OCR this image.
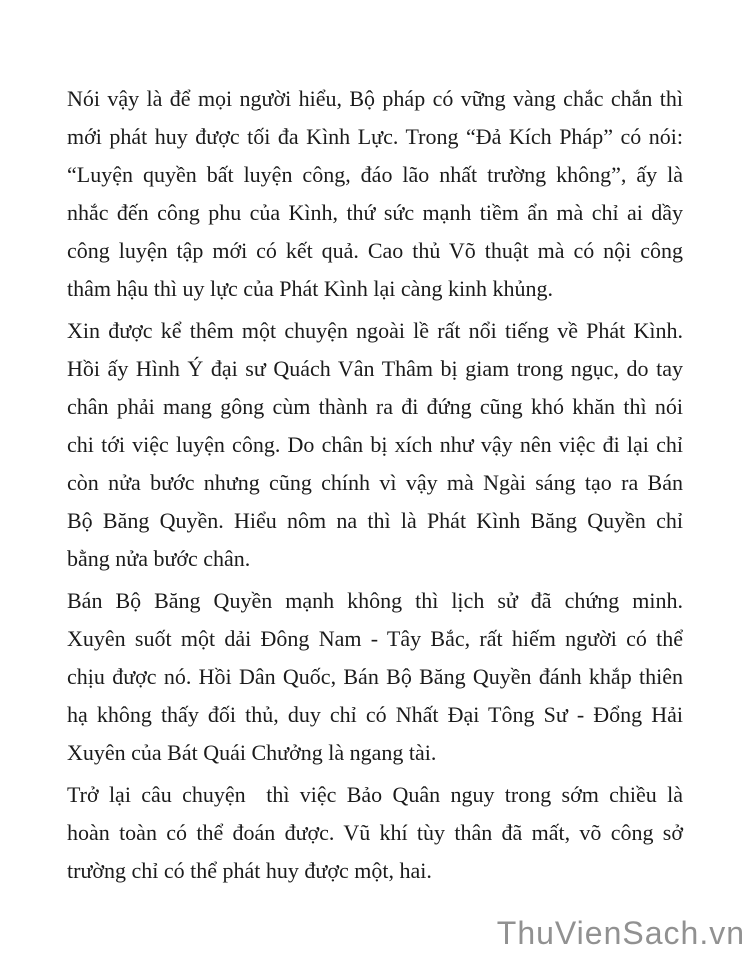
Nói vậy là để mọi người hiểu, Bộ pháp có vững vàng chắc chắn thì
mới phát huy được tối đa Kình Lực. Trong “Đả Kích Pháp” có nói:
“Luyện quyền bất luyện công, đáo lão nhất trường không”, ấy là
nhắc đến công phu của Kình, thứ sức mạnh tiềm ẩn mà chỉ ai dầy
công luyện tập mới có kết quả. Cao thủ Võ thuật mà có nội công
thâm hậu thì uy lực của Phát Kình lại càng kinh khủng.
Xin được kể thêm một chuyện ngoài lề rất nổi tiếng về Phát Kình.
Hồi ấy Hình Ý đại sư Quách Vân Thâm bị giam trong ngục, do tay
chân phải mang gông cùm thành ra đi đứng cũng khó khăn thì nói
chi tới việc luyện công. Do chân bị xích như vậy nên việc đi lại chỉ
còn nửa bước nhưng cũng chính vì vậy mà Ngài sáng tạo ra Bán
Bộ Băng Quyền. Hiểu nôm na thì là Phát Kình Băng Quyền chỉ
bằng nửa bước chân.
Bán Bộ Băng Quyền mạnh không thì lịch sử đã chứng minh.
Xuyên suốt một dải Đông Nam - Tây Bắc, rất hiếm người có thể
chịu được nó. Hồi Dân Quốc, Bán Bộ Băng Quyền đánh khắp thiên
hạ không thấy đối thủ, duy chỉ có Nhất Đại Tông Sư - Đổng Hải
Xuyên của Bát Quái Chưởng là ngang tài.
Trở lại câu chuyện  thì việc Bảo Quân nguy trong sớm chiều là
hoàn toàn có thể đoán được. Vũ khí tùy thân đã mất, võ công sở
trường chỉ có thể phát huy được một, hai.
ThuVienSach.vn
